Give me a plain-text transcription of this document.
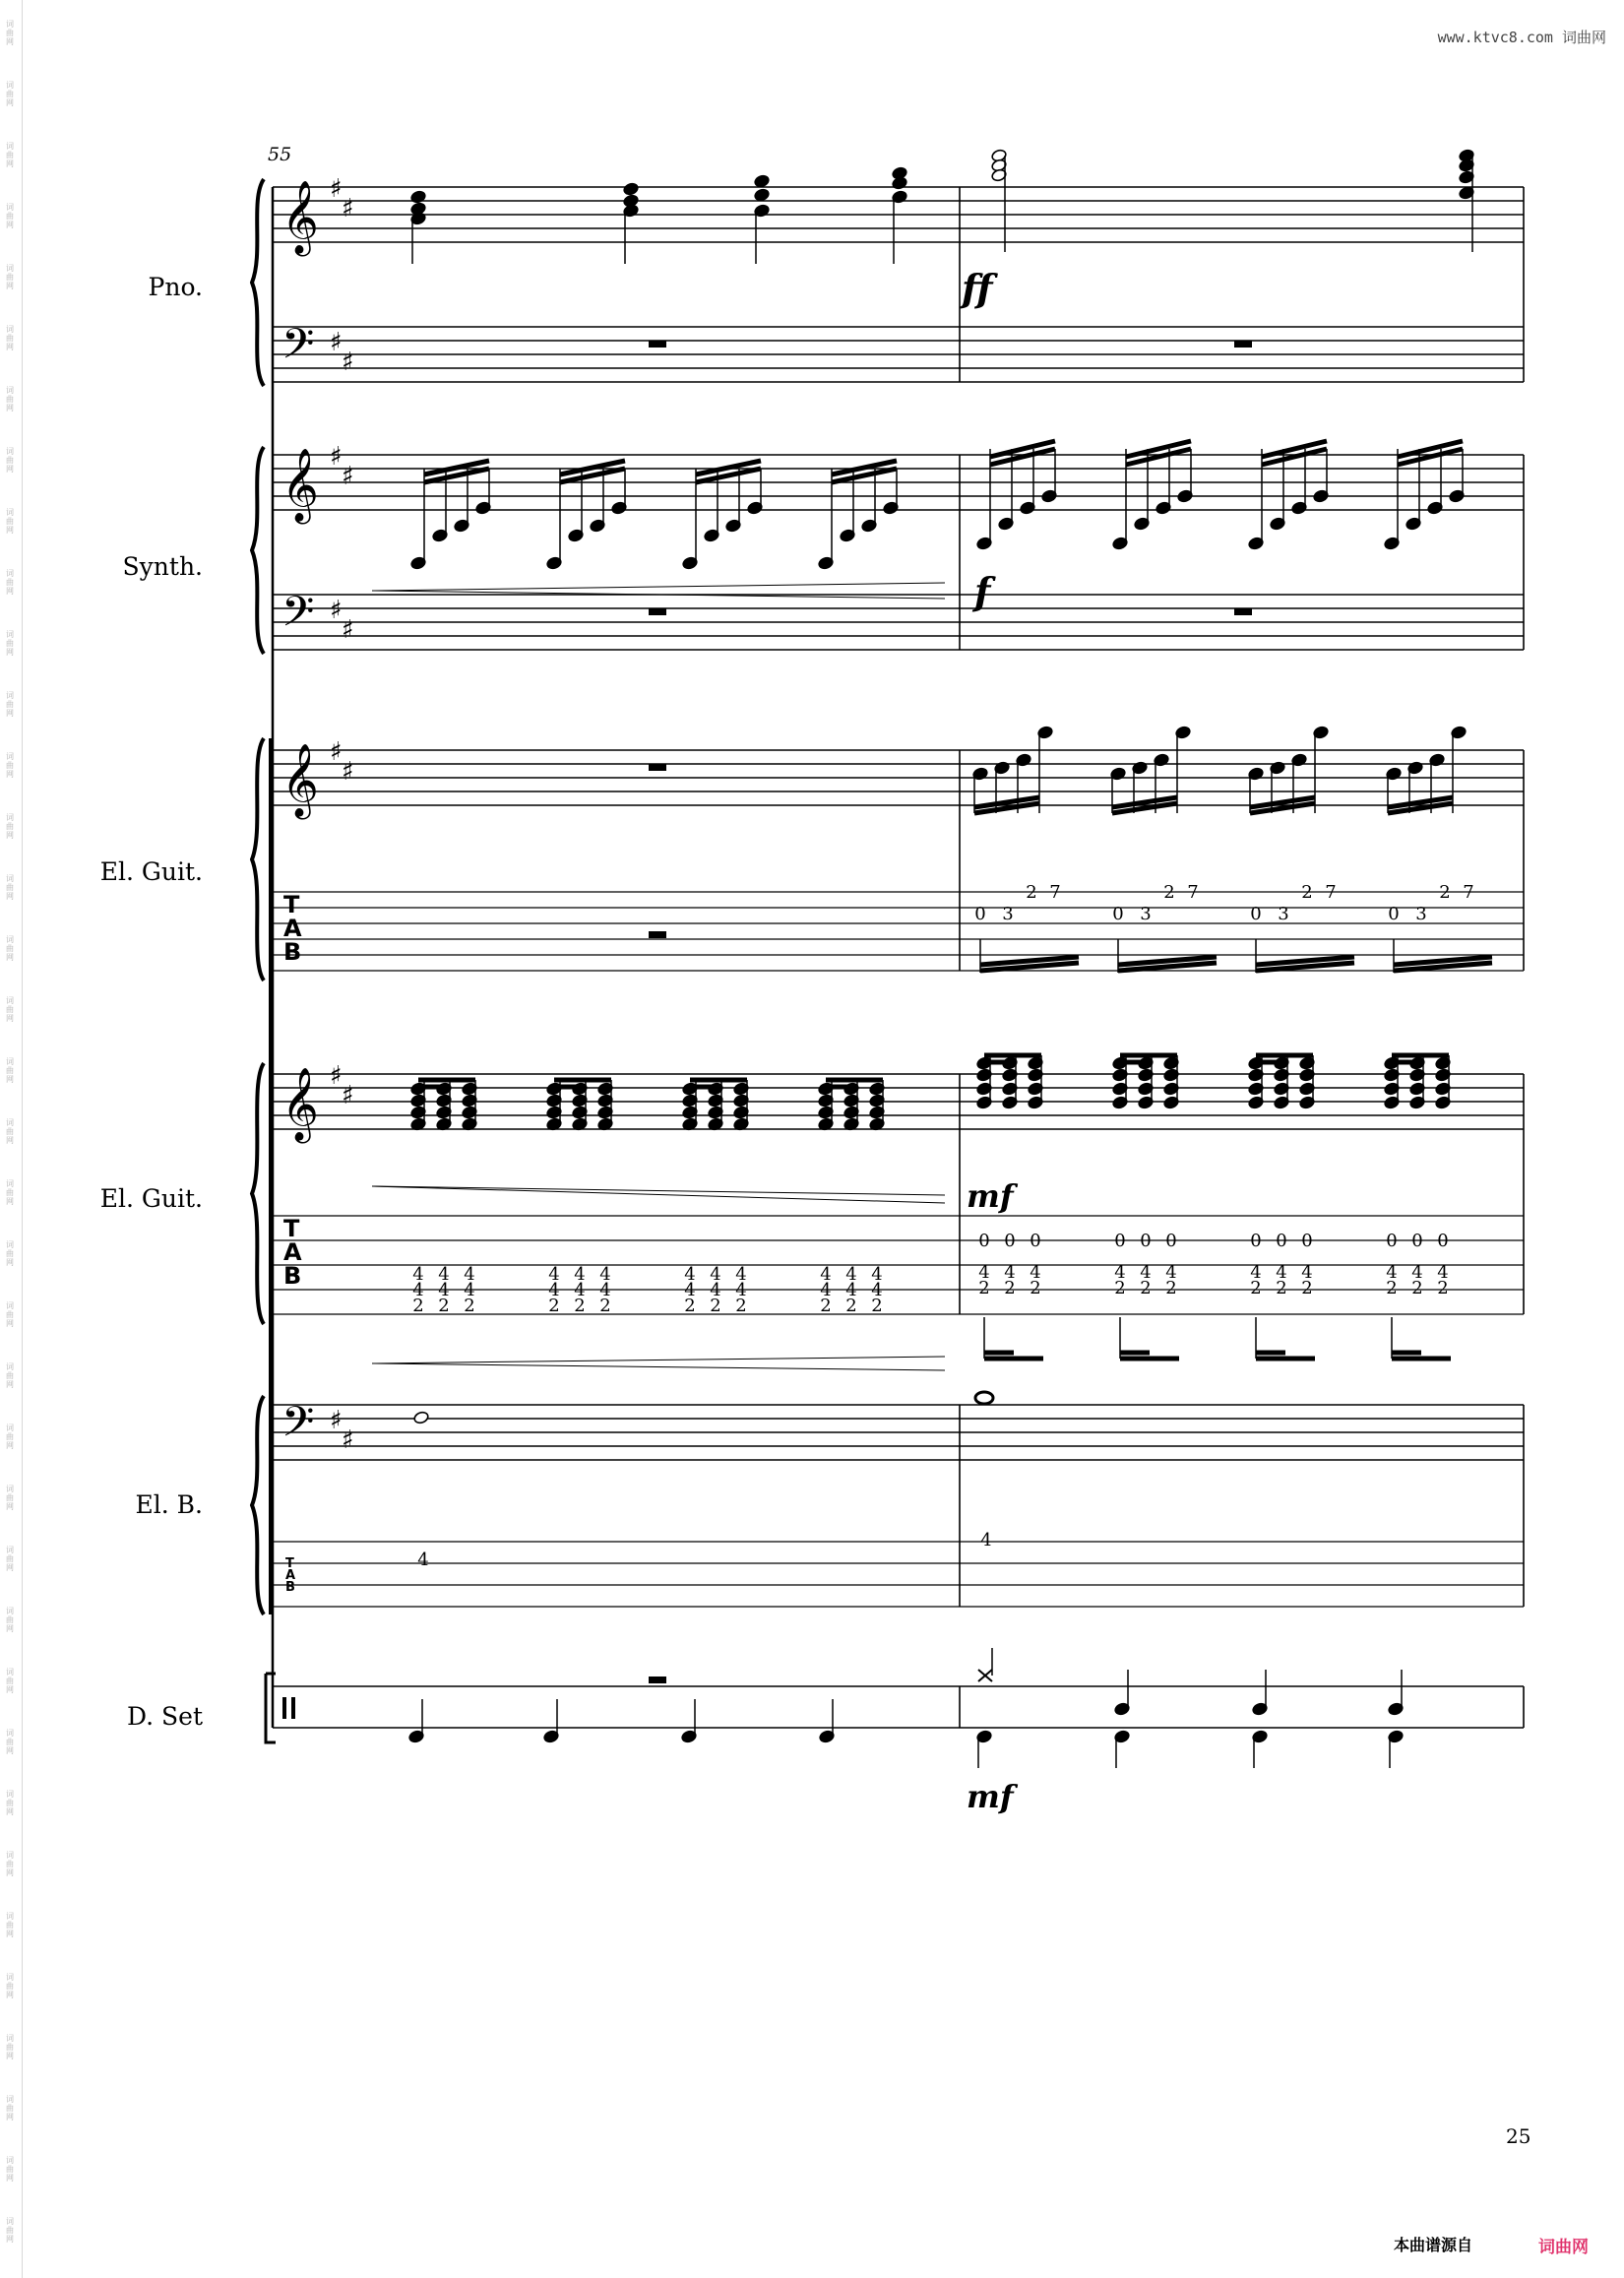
词
曲
网
词
曲
网
词
曲
网
词
曲
网
词
曲
网
词
曲
网
词
曲
网
词
曲
网
词
曲
网
词
曲
网
词
曲
网
词
曲
网
词
曲
网
词
曲
网
词
曲
网
词
曲
网
词
曲
网
词
曲
网
词
曲
网
词
曲
网
词
曲
网
词
曲
网
词
曲
网
词
曲
网
词
曲
网
词
曲
网
词
曲
网
词
曲
网
词
曲
网
词
曲
网
词
曲
网
词
曲
网
词
曲
网
词
曲
网
词
曲
网
词
曲
网
词
曲
网
www.ktvc8.com 词曲网
55
Pno.
Synth.
El. Guit.
El. Guit.
El. B.
D. Set
ff
f
mf
mf
25
本曲谱源自	词曲网
𝄞 ♯
♯
𝄢 ♯
♯
𝄞 ♯
♯
𝄢 ♯
♯
𝄞 ♯
♯
𝄞 ♯
♯
𝄢 ♯
♯
T
A
B
T
A
B
T
A
B
0 3
2 7
0 3
2 7
0 3
2 7
0 3
2 7
4
4
2
4
4
2
4
4
2
4
4
2
4
4
2
4
4
2
4
4
2
4
4
2
4
4
2
4
4
2
4
4
2
4
4
2
0
4
2
0
4
2
0
4
2
0
4
2
0
4
2
0
4
2
0
4
2
0
4
2
0
4
2
0
4
2
0
4
2
0
4
2
4
4
